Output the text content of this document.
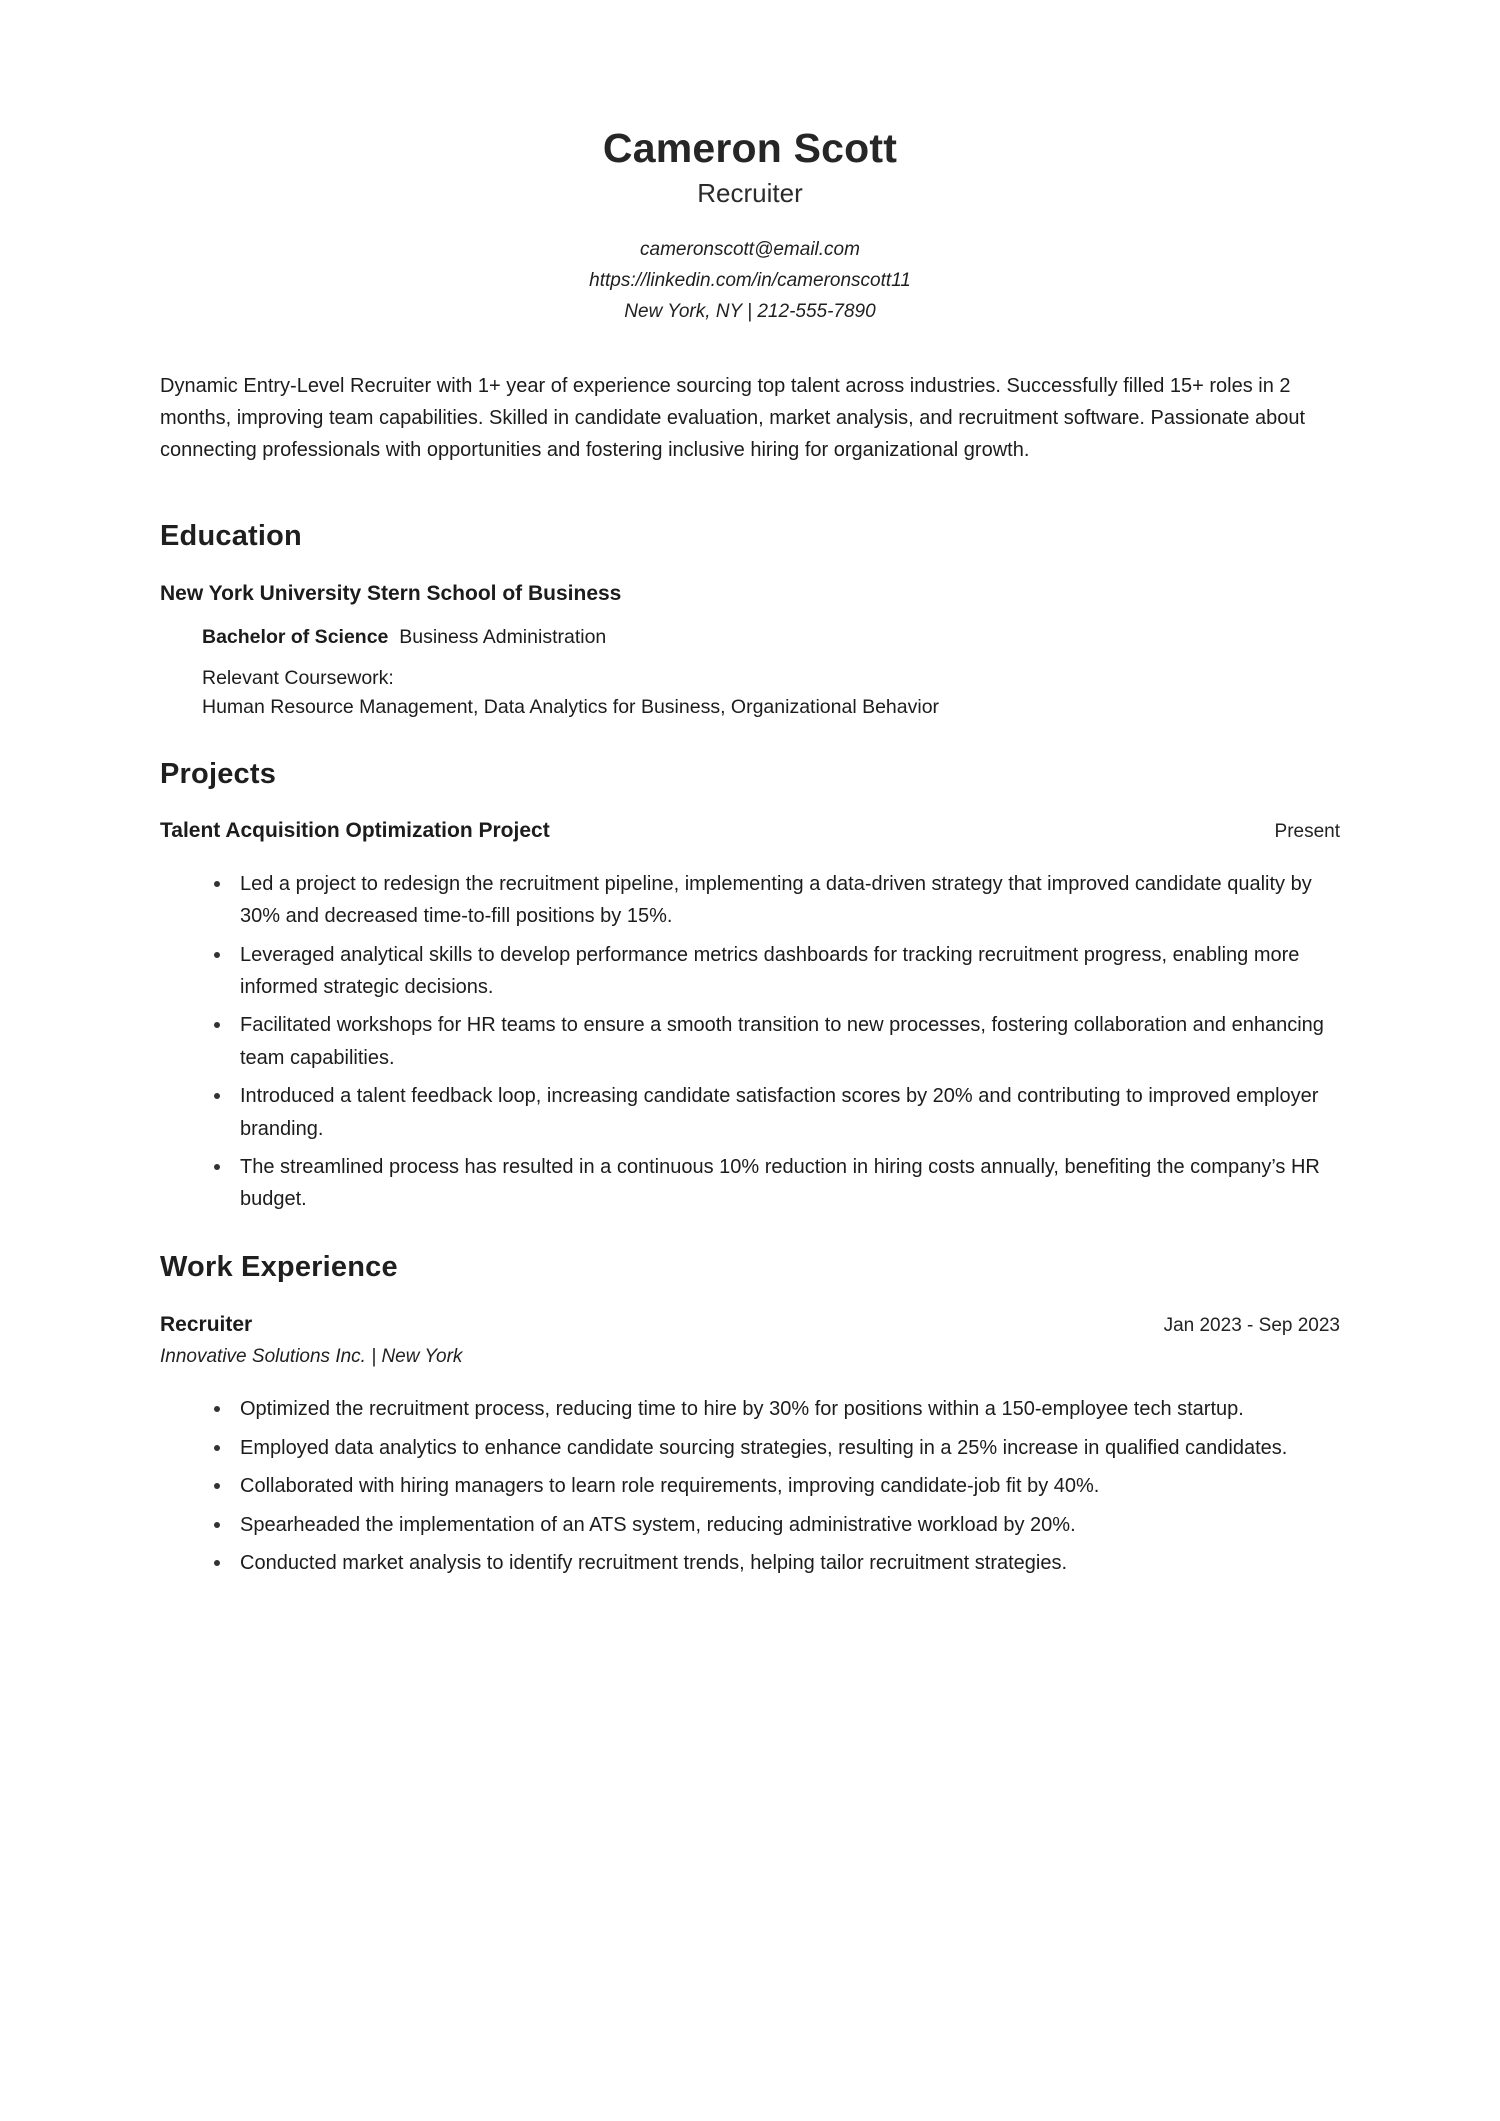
Cameron Scott
Recruiter
cameronscott@email.com
https://linkedin.com/in/cameronscott11
New York, NY | 212-555-7890

Dynamic Entry-Level Recruiter with 1+ year of experience sourcing top talent across industries. Successfully filled 15+ roles in 2 months, improving team capabilities. Skilled in candidate evaluation, market analysis, and recruitment software. Passionate about connecting professionals with opportunities and fostering inclusive hiring for organizational growth.

Education
New York University Stern School of Business
Bachelor of Science Business Administration
Relevant Coursework:
Human Resource Management, Data Analytics for Business, Organizational Behavior
Projects
Talent Acquisition Optimization Project	Present
Led a project to redesign the recruitment pipeline, implementing a data-driven strategy that improved candidate quality by 30% and decreased time-to-fill positions by 15%.
Leveraged analytical skills to develop performance metrics dashboards for tracking recruitment progress, enabling more informed strategic decisions.
Facilitated workshops for HR teams to ensure a smooth transition to new processes, fostering collaboration and enhancing team capabilities.
Introduced a talent feedback loop, increasing candidate satisfaction scores by 20% and contributing to improved employer branding.
The streamlined process has resulted in a continuous 10% reduction in hiring costs annually, benefiting the company’s HR budget.
Work Experience
Recruiter	Jan 2023 - Sep 2023
Innovative Solutions Inc. | New York
Optimized the recruitment process, reducing time to hire by 30% for positions within a 150-employee tech startup.
Employed data analytics to enhance candidate sourcing strategies, resulting in a 25% increase in qualified candidates.
Collaborated with hiring managers to learn role requirements, improving candidate-job fit by 40%.
Spearheaded the implementation of an ATS system, reducing administrative workload by 20%.
Conducted market analysis to identify recruitment trends, helping tailor recruitment strategies.
